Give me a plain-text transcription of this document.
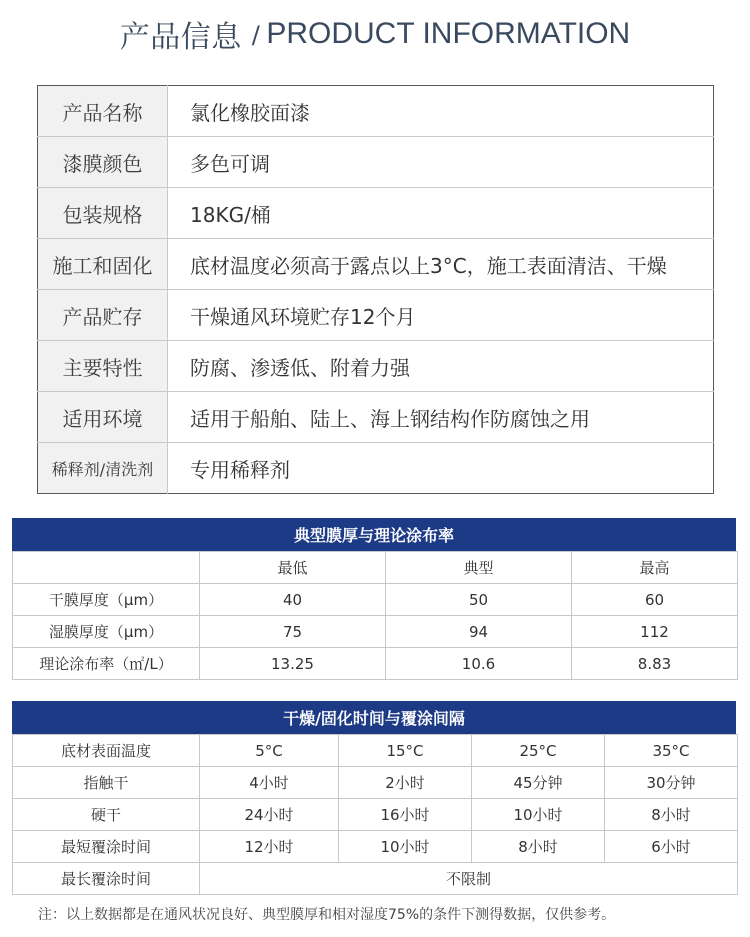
产品信息 / PRODUCT INFORMATION
产品名称	氯化橡胶面漆
漆膜颜色	多色可调
包装规格	18KG/桶
施工和固化	底材温度必须高于露点以上3°C，施工表面清洁、干燥
产品贮存	干燥通风环境贮存12个月
主要特性	防腐、渗透低、附着力强
适用环境	适用于船舶、陆上、海上钢结构作防腐蚀之用
稀释剂/清洗剂	专用稀释剂
典型膜厚与理论涂布率
	最低	典型	最高
干膜厚度（μm）	40	50	60
湿膜厚度（μm）	75	94	112
理论涂布率（㎡/L）	13.25	10.6	8.83
干燥/固化时间与覆涂间隔
底材表面温度	5°C	15°C	25°C	35°C
指触干	4小时	2小时	45分钟	30分钟
硬干	24小时	16小时	10小时	8小时
最短覆涂时间	12小时	10小时	8小时	6小时
最长覆涂时间	不限制			
注：以上数据都是在通风状况良好、典型膜厚和相对湿度75%的条件下测得数据，仅供参考。
